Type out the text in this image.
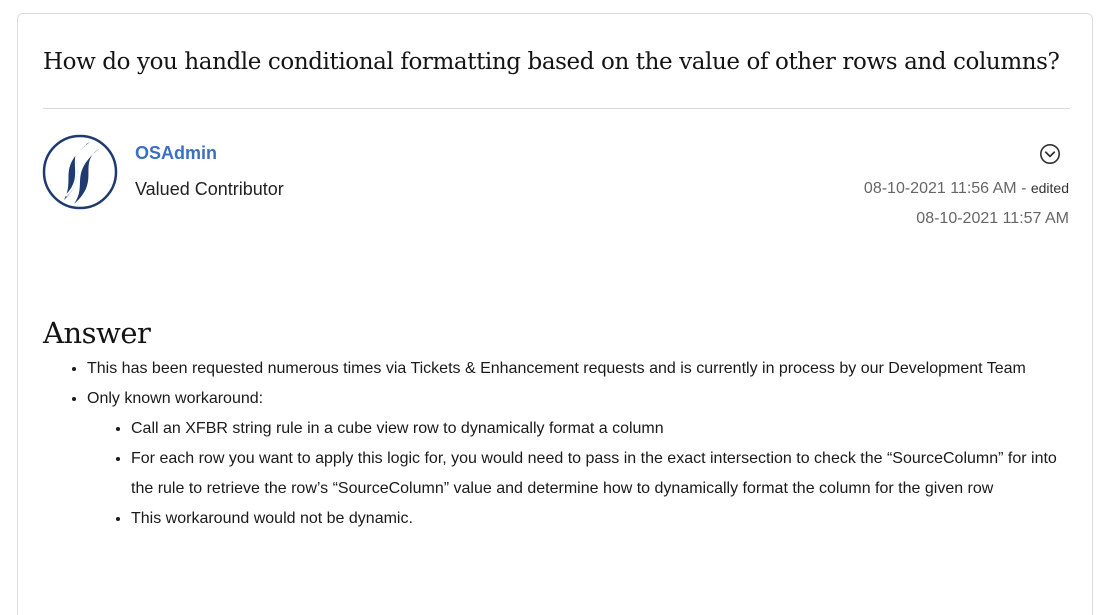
How do you handle conditional formatting based on the value of other rows and columns?
OSAdmin
Valued Contributor	08-10-2021 11:56 AM - edited
08-10-2021 11:57 AM
Answer
• This has been requested numerous times via Tickets & Enhancement requests and is currently in process by our Development Team
• Only known workaround:
• Call an XFBR string rule in a cube view row to dynamically format a column
• For each row you want to apply this logic for, you would need to pass in the exact intersection to check the “SourceColumn” for into the rule to retrieve the row’s “SourceColumn” value and determine how to dynamically format the column for the given row
• This workaround would not be dynamic.
